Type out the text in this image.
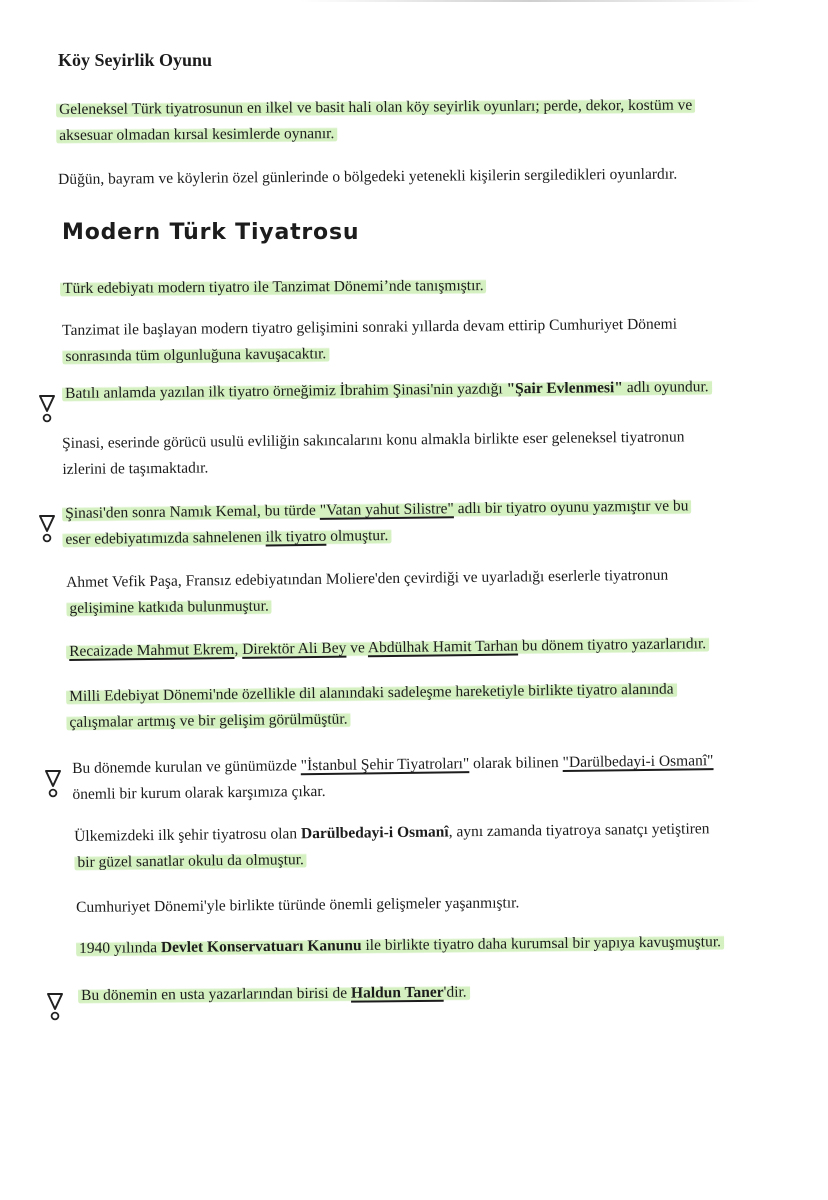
Köy Seyirlik Oyunu
Geleneksel Türk tiyatrosunun en ilkel ve basit hali olan köy seyirlik oyunları; perde, dekor, kostüm ve
aksesuar olmadan kırsal kesimlerde oynanır.
Düğün, bayram ve köylerin özel günlerinde o bölgedeki yetenekli kişilerin sergiledikleri oyunlardır.
Modern Türk Tiyatrosu
Türk edebiyatı modern tiyatro ile Tanzimat Dönemi’nde tanışmıştır.
Tanzimat ile başlayan modern tiyatro gelişimini sonraki yıllarda devam ettirip Cumhuriyet Dönemi
sonrasında tüm olgunluğuna kavuşacaktır.
Batılı anlamda yazılan ilk tiyatro örneğimiz İbrahim Şinasi'nin yazdığı "Şair Evlenmesi" adlı oyundur.
Şinasi, eserinde görücü usulü evliliğin sakıncalarını konu almakla birlikte eser geleneksel tiyatronun
izlerini de taşımaktadır.
Şinasi'den sonra Namık Kemal, bu türde "Vatan yahut Silistre" adlı bir tiyatro oyunu yazmıştır ve bu
eser edebiyatımızda sahnelenen ilk tiyatro olmuştur.
Ahmet Vefik Paşa, Fransız edebiyatından Moliere'den çevirdiği ve uyarladığı eserlerle tiyatronun
gelişimine katkıda bulunmuştur.
Recaizade Mahmut Ekrem, Direktör Ali Bey ve Abdülhak Hamit Tarhan bu dönem tiyatro yazarlarıdır.
Milli Edebiyat Dönemi'nde özellikle dil alanındaki sadeleşme hareketiyle birlikte tiyatro alanında
çalışmalar artmış ve bir gelişim görülmüştür.
Bu dönemde kurulan ve günümüzde "İstanbul Şehir Tiyatroları" olarak bilinen "Darülbedayi-i Osmanî"
önemli bir kurum olarak karşımıza çıkar.
Ülkemizdeki ilk şehir tiyatrosu olan Darülbedayi-i Osmanî, aynı zamanda tiyatroya sanatçı yetiştiren
bir güzel sanatlar okulu da olmuştur.
Cumhuriyet Dönemi'yle birlikte türünde önemli gelişmeler yaşanmıştır.
1940 yılında Devlet Konservatuarı Kanunu ile birlikte tiyatro daha kurumsal bir yapıya kavuşmuştur.
Bu dönemin en usta yazarlarından birisi de Haldun Taner'dir.
